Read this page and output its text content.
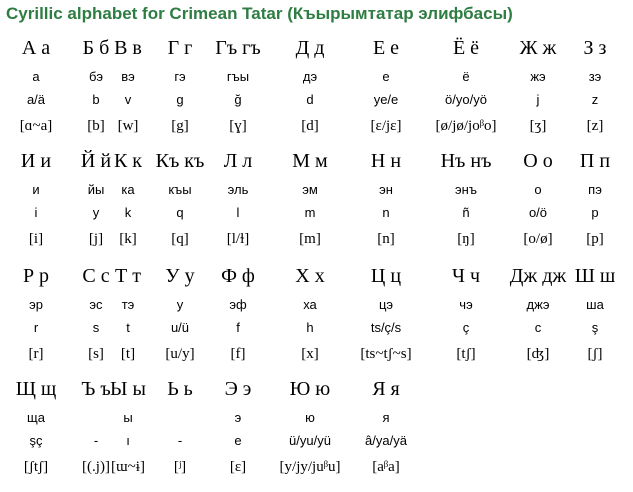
Cyrillic alphabet for Crimean Tatar (Къырымтатар элифбасы)
А а
а
a/ä
[ɑ~a]
Б б
бэ
b
[b]
В в
вэ
v
[w]
Г г
гэ
g
[g]
Гъ гъ
гъы
ğ
[ɣ]
Д д
дэ
d
[d]
Е е
е
ye/e
[ɛ/jɛ]
Ё ё
ё
ö/yo/yö
[ø/jø/joᵝo]
Ж ж
жэ
j
[ʒ]
З з
зэ
z
[z]
И и
и
i
[i]
Й й
йы
y
[j]
К к
ка
k
[k]
Къ къ
къы
q
[q]
Л л
эль
l
[l/ɫ]
М м
эм
m
[m]
Н н
эн
n
[n]
Нъ нъ
энъ
ñ
[ŋ]
О о
о
o/ö
[o/ø]
П п
пэ
p
[p]
Р р
эр
r
[r]
С с
эс
s
[s]
Т т
тэ
t
[t]
У у
у
u/ü
[u/y]
Ф ф
эф
f
[f]
Х х
ха
h
[x]
Ц ц
цэ
ts/ç/s
[ts~tʃ~s]
Ч ч
чэ
ç
[tʃ]
Дж дж
джэ
c
[ʤ]
Ш ш
ша
ş
[ʃ]
Щ щ
ща
şç
[ʃtʃ]
Ъ ъ
-
[(.j)]
Ы ы
ы
ı
[ɯ~ɨ]
Ь ь
-
[ʲ]
Э э
э
e
[ɛ]
Ю ю
ю
ü/yu/yü
[y/jy/juᵝu]
Я я
я
â/ya/yä
[aᵝa]
